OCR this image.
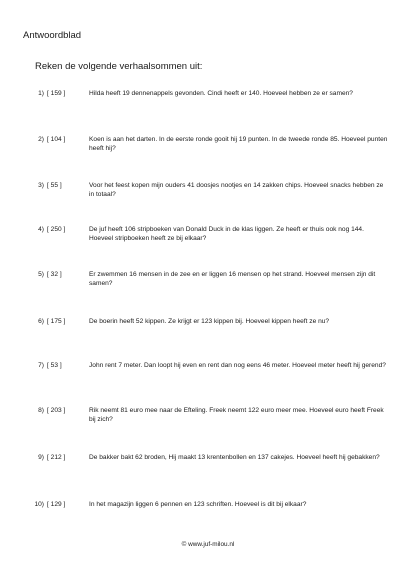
Antwoordblad
Reken de volgende verhaalsommen uit:
1) [ 159 ]	Hilda heeft 19 dennenappels gevonden. Cindi heeft er 140. Hoeveel hebben ze er samen?
2) [ 104 ]	Koen is aan het darten. In de eerste ronde gooit hij 19 punten. In de tweede ronde 85. Hoeveel punten heeft hij?
3) [ 55 ]	Voor het feest kopen mijn ouders 41 doosjes nootjes en 14 zakken chips. Hoeveel snacks hebben ze in totaal?
4) [ 250 ]	De juf heeft 106 stripboeken van Donald Duck in de klas liggen. Ze heeft er thuis ook nog 144. Hoeveel stripboeken heeft ze bij elkaar?
5) [ 32 ]	Er zwemmen 16 mensen in de zee en er liggen 16 mensen op het strand. Hoeveel mensen zijn dit samen?
6) [ 175 ]	De boerin heeft 52 kippen. Ze krijgt er 123 kippen bij. Hoeveel kippen heeft ze nu?
7) [ 53 ]	John rent 7 meter. Dan loopt hij even en rent dan nog eens 46 meter. Hoeveel meter heeft hij gerend?
8) [ 203 ]	Rik neemt 81 euro mee naar de Efteling. Freek neemt 122 euro meer mee. Hoeveel euro heeft Freek bij zich?
9) [ 212 ]	De bakker bakt 62 broden, Hij maakt 13 krentenbollen en 137 cakejes. Hoeveel heeft hij gebakken?
10) [ 129 ]	In het magazijn liggen 6 pennen en 123 schriften. Hoeveel is dit bij elkaar?
© www.juf-milou.nl
